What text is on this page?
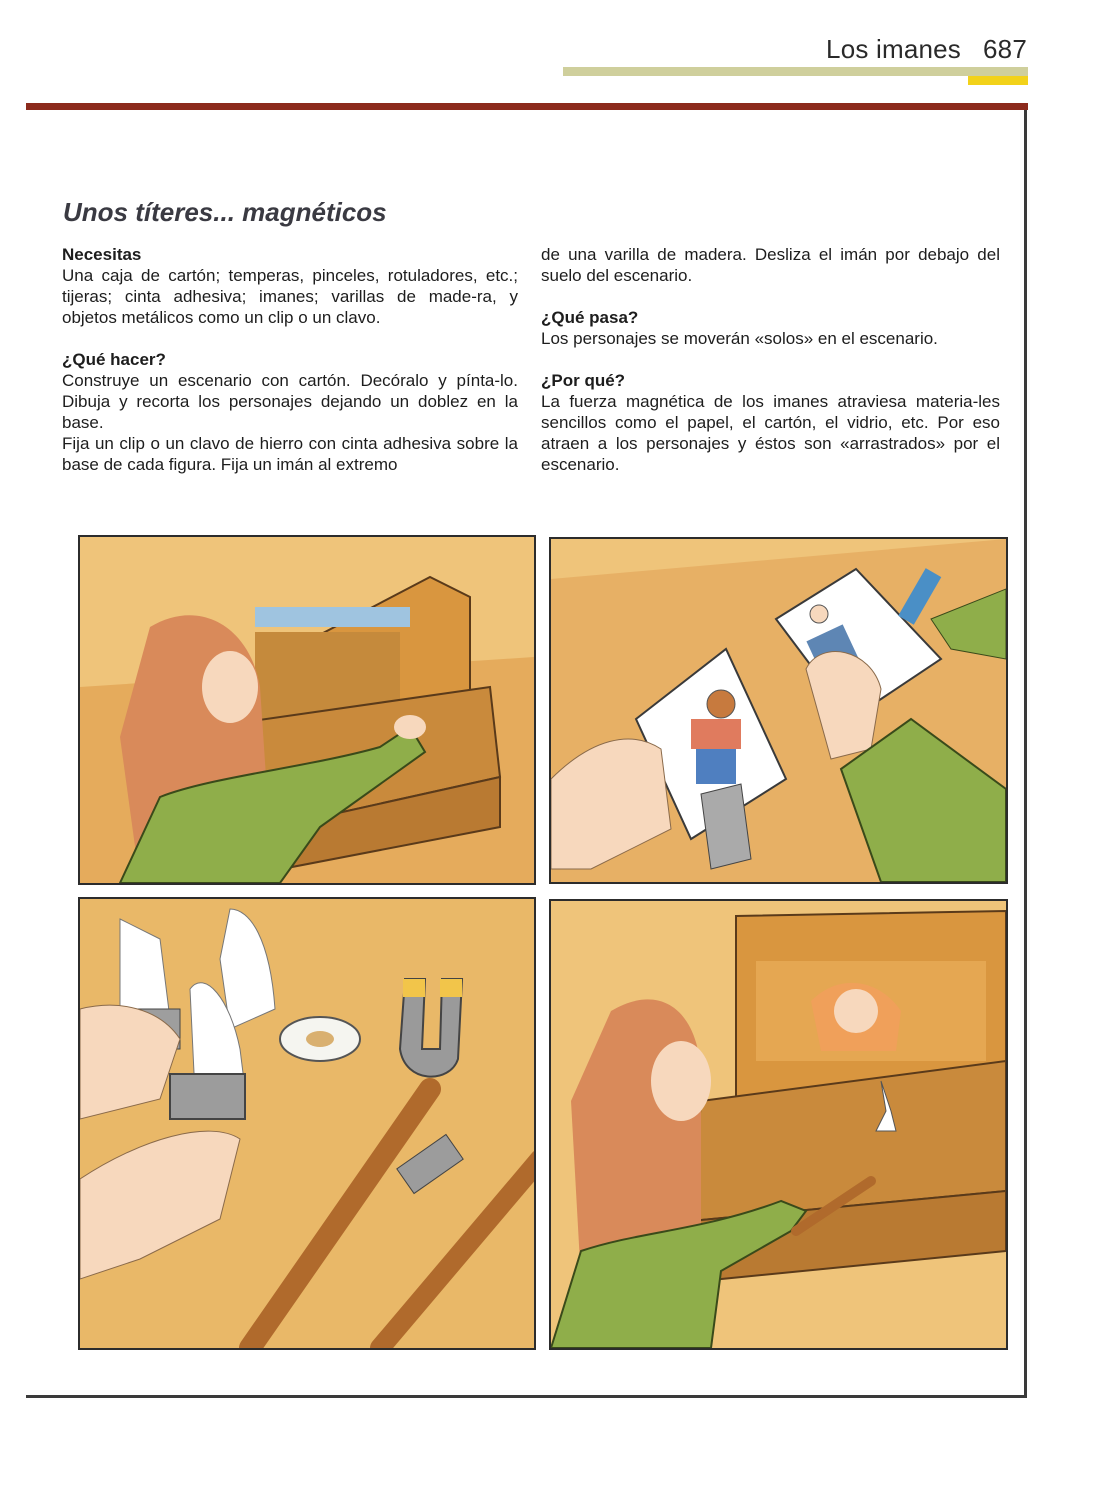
Los imanes 687
Unos títeres... magnéticos
Necesitas

Una caja de cartón; temperas, pinceles, rotuladores, etc.; tijeras; cinta adhesiva; imanes; varillas de made-ra, y objetos metálicos como un clip o un clavo.

¿Qué hacer?

Construye un escenario con cartón. Decóralo y pínta-lo. Dibuja y recorta los personajes dejando un doblez en la base.

Fija un clip o un clavo de hierro con cinta adhesiva sobre la base de cada figura. Fija un imán al extremo

de una varilla de madera. Desliza el imán por debajo del suelo del escenario.

¿Qué pasa?

Los personajes se moverán «solos» en el escenario.

¿Por qué?

La fuerza magnética de los imanes atraviesa materia-les sencillos como el papel, el cartón, el vidrio, etc. Por eso atraen a los personajes y éstos son «arrastrados» por el escenario.
